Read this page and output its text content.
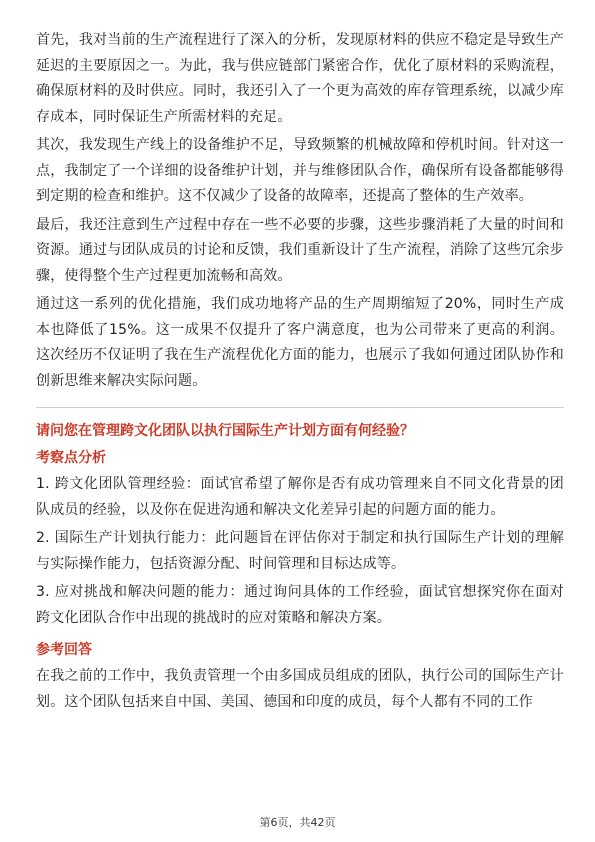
首先，我对当前的生产流程进行了深入的分析，发现原材料的供应不稳定是导致生产延迟的主要原因之一。为此，我与供应链部门紧密合作，优化了原材料的采购流程，确保原材料的及时供应。同时，我还引入了一个更为高效的库存管理系统，以减少库存成本，同时保证生产所需材料的充足。

其次，我发现生产线上的设备维护不足，导致频繁的机械故障和停机时间。针对这一点，我制定了一个详细的设备维护计划，并与维修团队合作，确保所有设备都能够得到定期的检查和维护。这不仅减少了设备的故障率，还提高了整体的生产效率。

最后，我还注意到生产过程中存在一些不必要的步骤，这些步骤消耗了大量的时间和资源。通过与团队成员的讨论和反馈，我们重新设计了生产流程，消除了这些冗余步骤，使得整个生产过程更加流畅和高效。

通过这一系列的优化措施，我们成功地将产品的生产周期缩短了20%，同时生产成本也降低了15%。这一成果不仅提升了客户满意度，也为公司带来了更高的利润。这次经历不仅证明了我在生产流程优化方面的能力，也展示了我如何通过团队协作和创新思维来解决实际问题。

请问您在管理跨文化团队以执行国际生产计划方面有何经验？
考察点分析

1. 跨文化团队管理经验：面试官希望了解你是否有成功管理来自不同文化背景的团队成员的经验，以及你在促进沟通和解决文化差异引起的问题方面的能力。

2. 国际生产计划执行能力：此问题旨在评估你对于制定和执行国际生产计划的理解与实际操作能力，包括资源分配、时间管理和目标达成等。

3. 应对挑战和解决问题的能力：通过询问具体的工作经验，面试官想探究你在面对跨文化团队合作中出现的挑战时的应对策略和解决方案。

参考回答

在我之前的工作中，我负责管理一个由多国成员组成的团队，执行公司的国际生产计划。这个团队包括来自中国、美国、德国和印度的成员，每个人都有不同的工作

第6页，共42页
